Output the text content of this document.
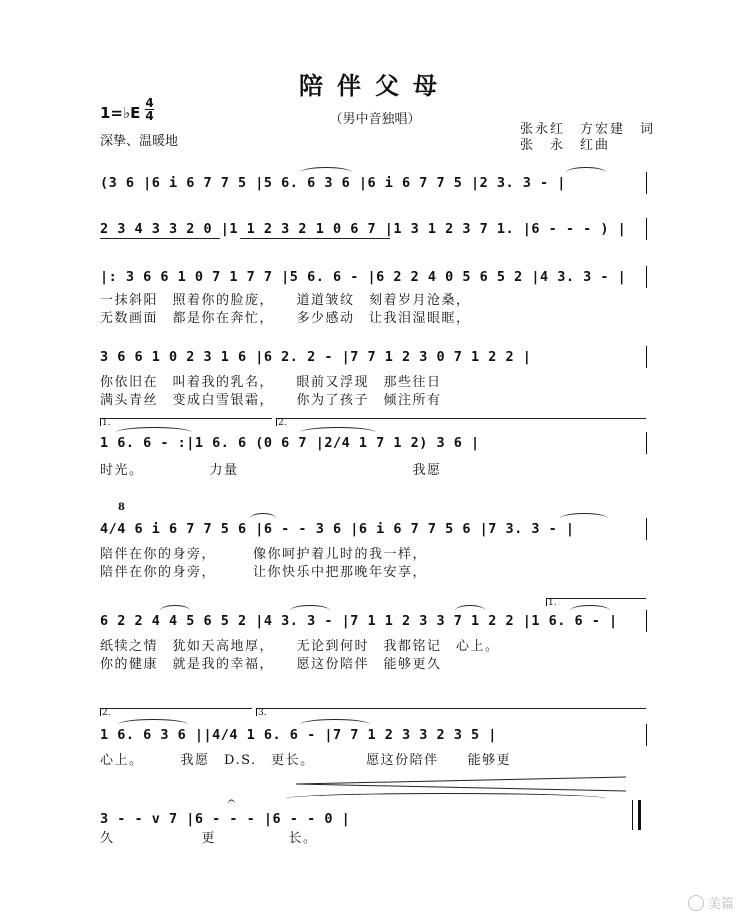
陪伴父母
（男中音独唱）
1=♭E
4
4
深挚、温暖地
张永红　方宏建　词
张　永　红曲
(3 6 |6 i 6 7 7 5 |5 6. 6 3 6 |6 i 6 7 7 5 |2 3. 3 - |
2 3 4 3 3 2 0 |1 1 2 3 2 1 0 6 7 |1 3 1 2 3 7 1. |6 - - - ) |
|: 3 6 6 1 0 7 1 7 7 |5 6. 6 - |6 2 2 4 0 5 6 5 2 |4 3. 3 - |
一抹斜阳　照着你的脸庞，　　道道皱纹　刻着岁月沧桑，
无数画面　都是你在奔忙，　　多少感动　让我泪湿眼眶，
3 6 6 1 0 2 3 1 6 |6 2. 2 - |7 7 1 2 3 0 7 1 2 2 |
你依旧在　叫着我的乳名，　　眼前又浮现　那些往日
满头青丝　变成白雪银霜，　　你为了孩子　倾注所有
1.	2.
1 6. 6 - :|1 6. 6 (0 6 7 |2/4 1 7 1 2) 3 6 |
时光。　　　　　力量　　　　　　　　　　　　我愿
8
4/4 6 i 6 7 7 5 6 |6 - - 3 6 |6 i 6 7 7 5 6 |7 3. 3 - |
陪伴在你的身旁，　　　像你呵护着儿时的我一样，
陪伴在你的身旁，　　　让你快乐中把那晚年安享，
1.
6 2 2 4 4 5 6 5 2 |4 3. 3 - |7 1 1 2 3 3 7 1 2 2 |1 6. 6 - |
纸犊之情　犹如天高地厚，　　无论到何时　我都铭记　心上。
你的健康　就是我的幸福，　　愿这份陪伴　能够更久
2.	3.
1 6. 6 3 6 ||4/4 1 6. 6 - |7 7 1 2 3 3 2 3 5 |
心上。　　　我愿　D.S.　更长。　　　　愿这份陪伴　　能够更
𝄐
3 - - v 7 |6 - - - |6 - - 0 |
久　　　　　　更　　　　　长。
美篇
